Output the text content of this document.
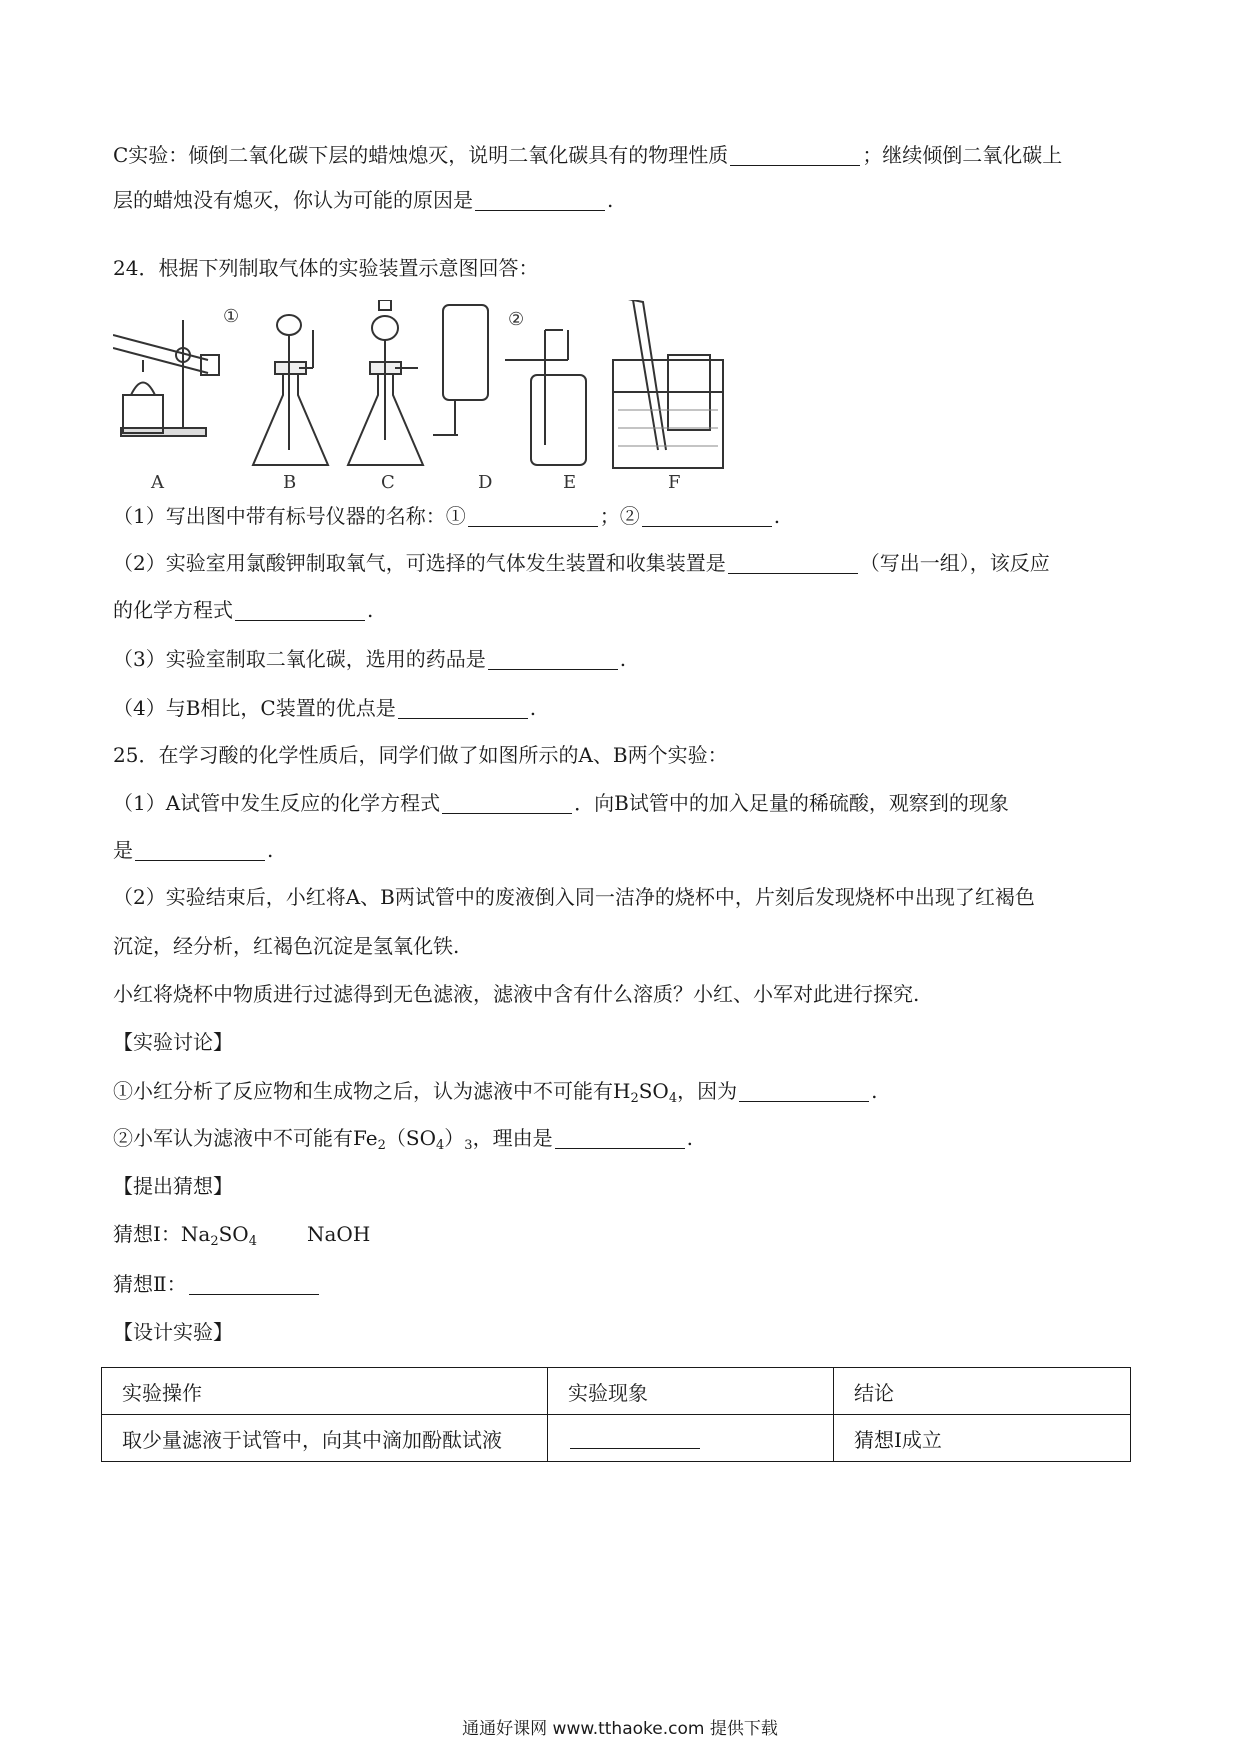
C实验：倾倒二氧化碳下层的蜡烛熄灭，说明二氧化碳具有的物理性质	；继续倾倒二氧化碳上
层的蜡烛没有熄灭，你认为可能的原因是	.
24．根据下列制取气体的实验装置示意图回答：
①	②
A	B	C	D	E	F
（1）写出图中带有标号仪器的名称：①	；②	.
（2）实验室用氯酸钾制取氧气，可选择的气体发生装置和收集装置是	（写出一组），该反应
的化学方程式	.
（3）实验室制取二氧化碳，选用的药品是	.
（4）与B相比，C装置的优点是	.
25．在学习酸的化学性质后，同学们做了如图所示的A、B两个实验：
（1）A试管中发生反应的化学方程式	．向B试管中的加入足量的稀硫酸，观察到的现象
是	.
（2）实验结束后，小红将A、B两试管中的废液倒入同一洁净的烧杯中，片刻后发现烧杯中出现了红褐色
沉淀，经分析，红褐色沉淀是氢氧化铁.
小红将烧杯中物质进行过滤得到无色滤液，滤液中含有什么溶质？小红、小军对此进行探究.
【实验讨论】
①小红分析了反应物和生成物之后，认为滤液中不可能有$H_2SO_4$，因为	.
②小军认为滤液中不可能有$Fe_2(SO_4)_3$，理由是	.
【提出猜想】
猜想Ⅰ：$Na_2SO_4$	NaOH
猜想Ⅱ：
【设计实验】
实验操作	实验现象	结论
取少量滤液于试管中，向其中滴加酚酞试液		猜想Ⅰ成立
通通好课网 www.tthaoke.com 提供下载
